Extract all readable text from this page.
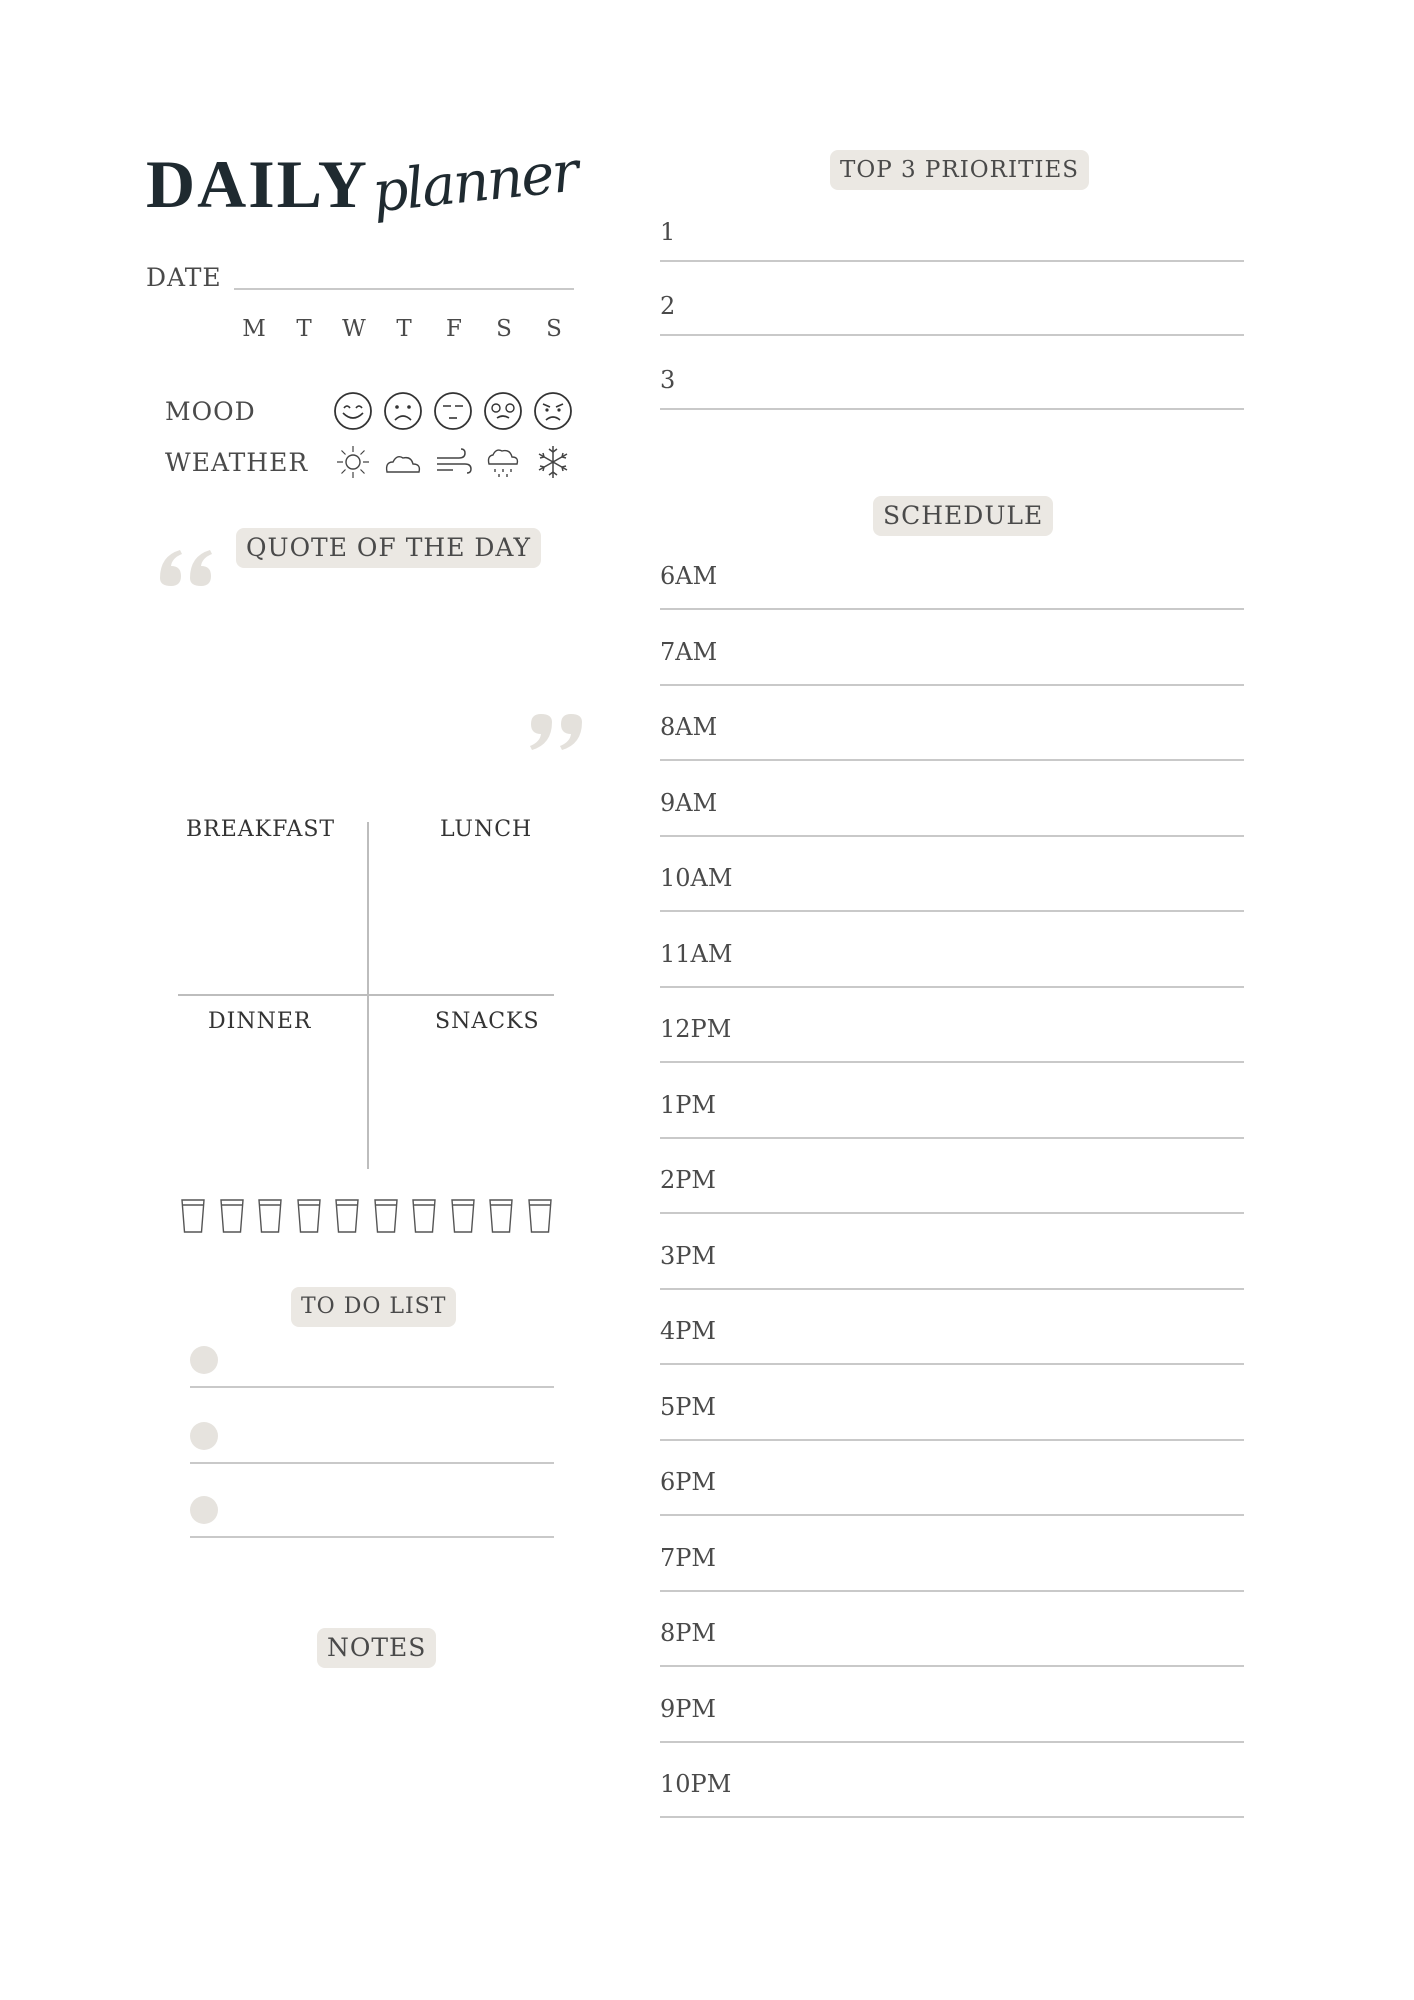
DAILY planner
DATE
M	T	W	T	F	S	S
MOOD
WEATHER
QUOTE OF THE DAY
BREAKFAST	LUNCH
DINNER	SNACKS
TO DO LIST
NOTES
TOP 3 PRIORITIES
1
2
3
SCHEDULE
6AM
7AM
8AM
9AM
10AM
11AM
12PM
1PM
2PM
3PM
4PM
5PM
6PM
7PM
8PM
9PM
10PM
